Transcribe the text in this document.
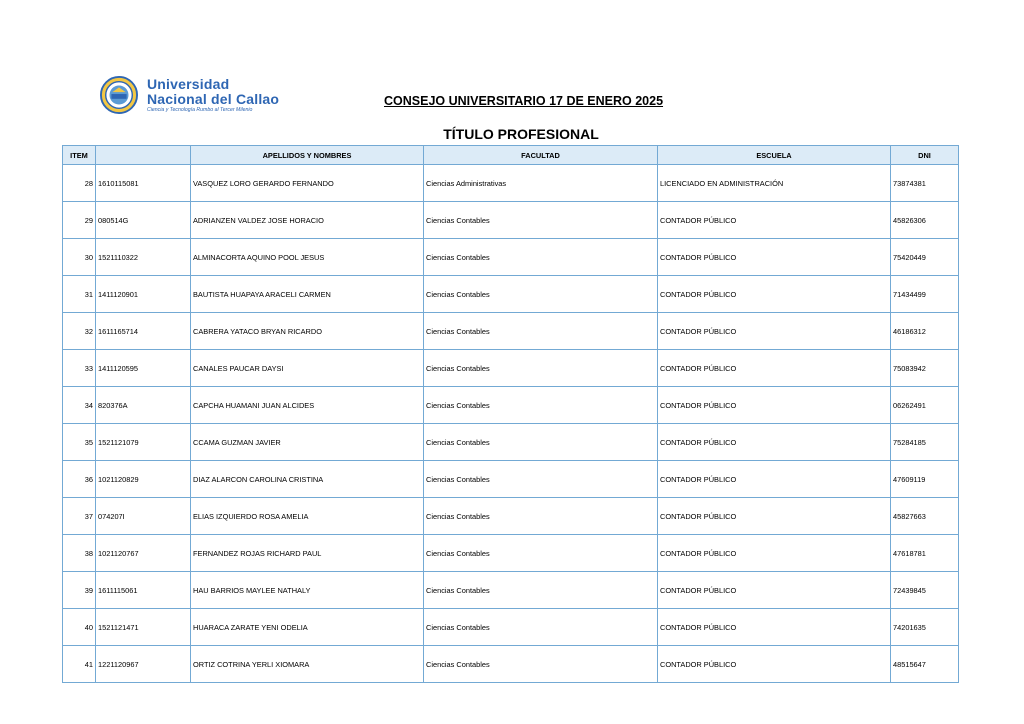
Universidad
Nacional del Callao
Ciencia y Tecnología Rumbo al Tercer Milenio
CONSEJO UNIVERSITARIO 17 DE ENERO 2025
TÍTULO PROFESIONAL
ITEM		APELLIDOS Y NOMBRES	FACULTAD	ESCUELA	DNI
28	1610115081	VASQUEZ LORO GERARDO FERNANDO	Ciencias Administrativas	LICENCIADO EN ADMINISTRACIÓN	73874381
29	080514G	ADRIANZEN VALDEZ JOSE HORACIO	Ciencias Contables	CONTADOR PÚBLICO	45826306
30	1521110322	ALMINACORTA AQUINO POOL JESUS	Ciencias Contables	CONTADOR PÚBLICO	75420449
31	1411120901	BAUTISTA HUAPAYA ARACELI CARMEN	Ciencias Contables	CONTADOR PÚBLICO	71434499
32	1611165714	CABRERA YATACO BRYAN RICARDO	Ciencias Contables	CONTADOR PÚBLICO	46186312
33	1411120595	CANALES PAUCAR DAYSI	Ciencias Contables	CONTADOR PÚBLICO	75083942
34	820376A	CAPCHA HUAMANI JUAN ALCIDES	Ciencias Contables	CONTADOR PÚBLICO	06262491
35	1521121079	CCAMA GUZMAN JAVIER	Ciencias Contables	CONTADOR PÚBLICO	75284185
36	1021120829	DIAZ ALARCON CAROLINA CRISTINA	Ciencias Contables	CONTADOR PÚBLICO	47609119
37	074207I	ELIAS IZQUIERDO ROSA AMELIA	Ciencias Contables	CONTADOR PÚBLICO	45827663
38	1021120767	FERNANDEZ ROJAS RICHARD PAUL	Ciencias Contables	CONTADOR PÚBLICO	47618781
39	1611115061	HAU BARRIOS MAYLEE NATHALY	Ciencias Contables	CONTADOR PÚBLICO	72439845
40	1521121471	HUARACA ZARATE YENI ODELIA	Ciencias Contables	CONTADOR PÚBLICO	74201635
41	1221120967	ORTIZ COTRINA YERLI XIOMARA	Ciencias Contables	CONTADOR PÚBLICO	48515647
